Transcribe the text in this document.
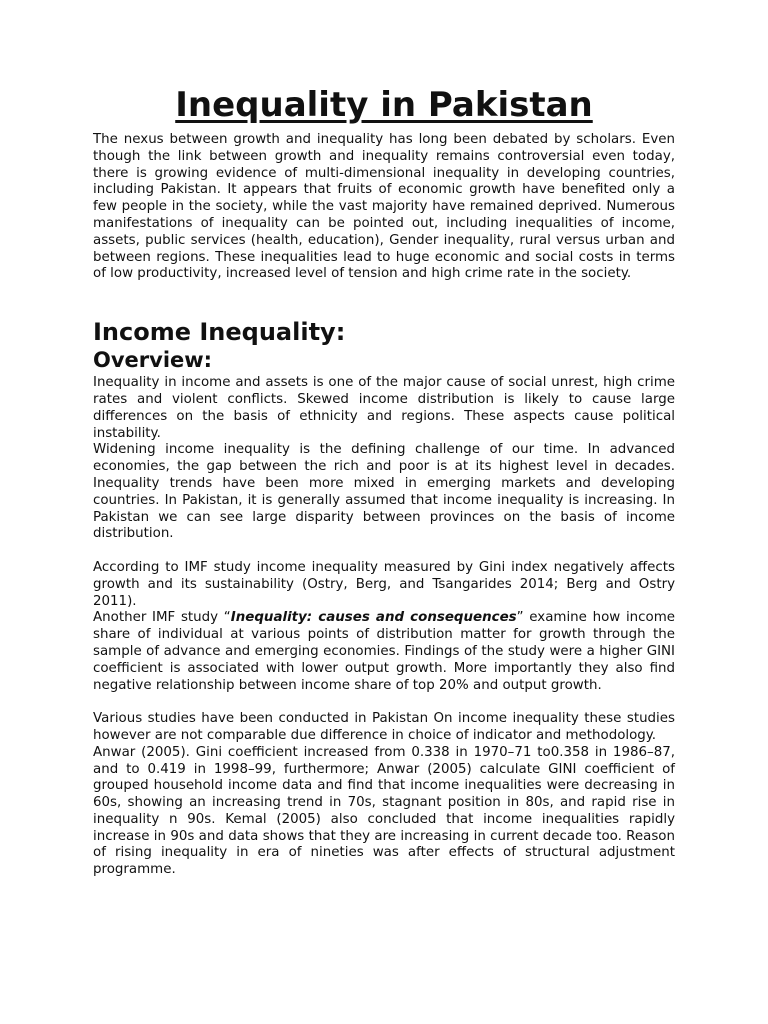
Inequality in Pakistan

The nexus between growth and inequality has long been debated by scholars. Even though the link between growth and inequality remains controversial even today, there is growing evidence of multi-dimensional inequality in developing countries, including Pakistan. It appears that fruits of economic growth have benefited only a few people in the society, while the vast majority have remained deprived. Numerous manifestations of inequality can be pointed out, including inequalities of income, assets, public services (health, education), Gender inequality, rural versus urban and between regions. These inequalities lead to huge economic and social costs in terms of low productivity, increased level of tension and high crime rate in the society.

Income Inequality:
Overview:

Inequality in income and assets is one of the major cause of social unrest, high crime rates and violent conflicts. Skewed income distribution is likely to cause large differences on the basis of ethnicity and regions. These aspects cause political instability.

Widening income inequality is the defining challenge of our time. In advanced economies, the gap between the rich and poor is at its highest level in decades. Inequality trends have been more mixed in emerging markets and developing countries. In Pakistan, it is generally assumed that income inequality is increasing. In Pakistan we can see large disparity between provinces on the basis of income distribution.

According to IMF study income inequality measured by Gini index negatively affects growth and its sustainability (Ostry, Berg, and Tsangarides 2014; Berg and Ostry 2011).

Another IMF study “Inequality: causes and consequences” examine how income share of individual at various points of distribution matter for growth through the sample of advance and emerging economies. Findings of the study were a higher GINI coefficient is associated with lower output growth. More importantly they also find negative relationship between income share of top 20% and output growth.

Various studies have been conducted in Pakistan On income inequality these studies however are not comparable due difference in choice of indicator and methodology.

Anwar (2005). Gini coefficient increased from 0.338 in 1970–71 to0.358 in 1986–87, and to 0.419 in 1998–99, furthermore; Anwar (2005) calculate GINI coefficient of grouped household income data and find that income inequalities were decreasing in 60s, showing an increasing trend in 70s, stagnant position in 80s, and rapid rise in inequality n 90s. Kemal (2005) also concluded that income inequalities rapidly increase in 90s and data shows that they are increasing in current decade too. Reason of rising inequality in era of nineties was after effects of structural adjustment programme.
